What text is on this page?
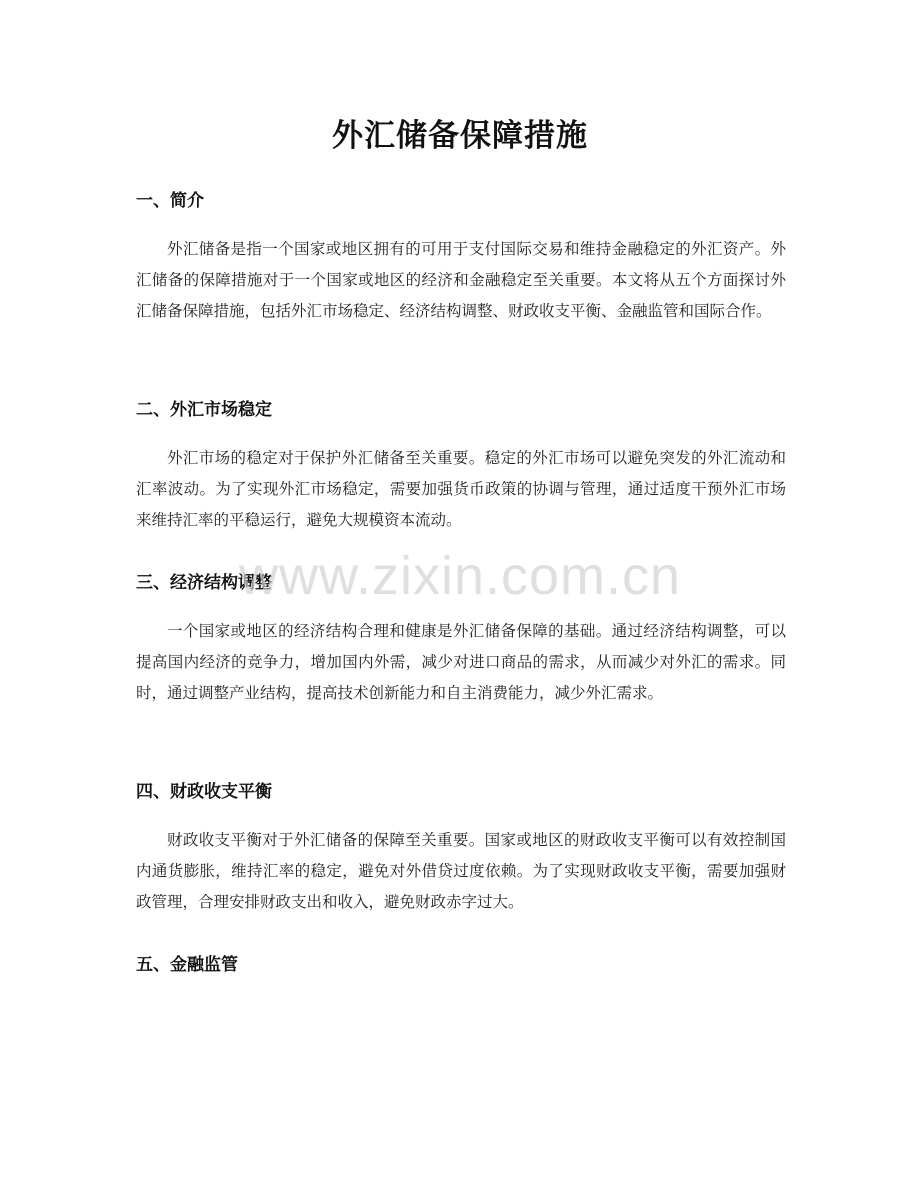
外汇储备保障措施
一、简介

外汇储备是指一个国家或地区拥有的可用于支付国际交易和维持金融稳定的外汇资产。外汇储备的保障措施对于一个国家或地区的经济和金融稳定至关重要。本文将从五个方面探讨外汇储备保障措施，包括外汇市场稳定、经济结构调整、财政收支平衡、金融监管和国际合作。

二、外汇市场稳定

外汇市场的稳定对于保护外汇储备至关重要。稳定的外汇市场可以避免突发的外汇流动和汇率波动。为了实现外汇市场稳定，需要加强货币政策的协调与管理，通过适度干预外汇市场来维持汇率的平稳运行，避免大规模资本流动。

三、经济结构调整

一个国家或地区的经济结构合理和健康是外汇储备保障的基础。通过经济结构调整，可以提高国内经济的竞争力，增加国内外需，减少对进口商品的需求，从而减少对外汇的需求。同时，通过调整产业结构，提高技术创新能力和自主消费能力，减少外汇需求。

四、财政收支平衡

财政收支平衡对于外汇储备的保障至关重要。国家或地区的财政收支平衡可以有效控制国内通货膨胀，维持汇率的稳定，避免对外借贷过度依赖。为了实现财政收支平衡，需要加强财政管理，合理安排财政支出和收入，避免财政赤字过大。

五、金融监管
www.zixin.com.cn
